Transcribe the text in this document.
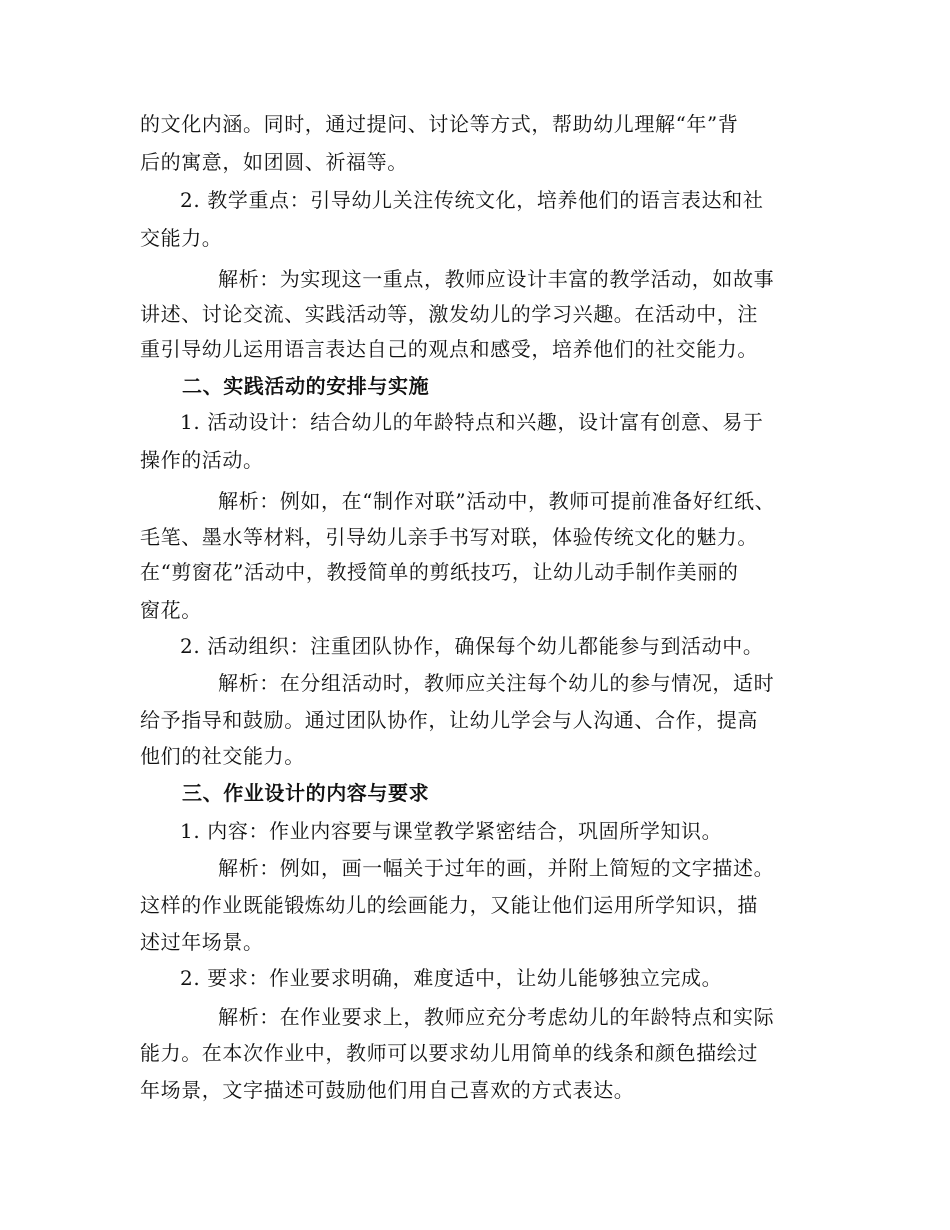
的文化内涵。同时，通过提问、讨论等方式，帮助幼儿理解“年”背
后的寓意，如团圆、祈福等。
2. 教学重点：引导幼儿关注传统文化，培养他们的语言表达和社
交能力。
解析：为实现这一重点，教师应设计丰富的教学活动，如故事
讲述、讨论交流、实践活动等，激发幼儿的学习兴趣。在活动中，注
重引导幼儿运用语言表达自己的观点和感受，培养他们的社交能力。
二、实践活动的安排与实施
1. 活动设计：结合幼儿的年龄特点和兴趣，设计富有创意、易于
操作的活动。
解析：例如，在“制作对联”活动中，教师可提前准备好红纸、
毛笔、墨水等材料，引导幼儿亲手书写对联，体验传统文化的魅力。
在“剪窗花”活动中，教授简单的剪纸技巧，让幼儿动手制作美丽的
窗花。
2. 活动组织：注重团队协作，确保每个幼儿都能参与到活动中。
解析：在分组活动时，教师应关注每个幼儿的参与情况，适时
给予指导和鼓励。通过团队协作，让幼儿学会与人沟通、合作，提高
他们的社交能力。
三、作业设计的内容与要求
1. 内容：作业内容要与课堂教学紧密结合，巩固所学知识。
解析：例如，画一幅关于过年的画，并附上简短的文字描述。
这样的作业既能锻炼幼儿的绘画能力，又能让他们运用所学知识，描
述过年场景。
2. 要求：作业要求明确，难度适中，让幼儿能够独立完成。
解析：在作业要求上，教师应充分考虑幼儿的年龄特点和实际
能力。在本次作业中，教师可以要求幼儿用简单的线条和颜色描绘过
年场景，文字描述可鼓励他们用自己喜欢的方式表达。
